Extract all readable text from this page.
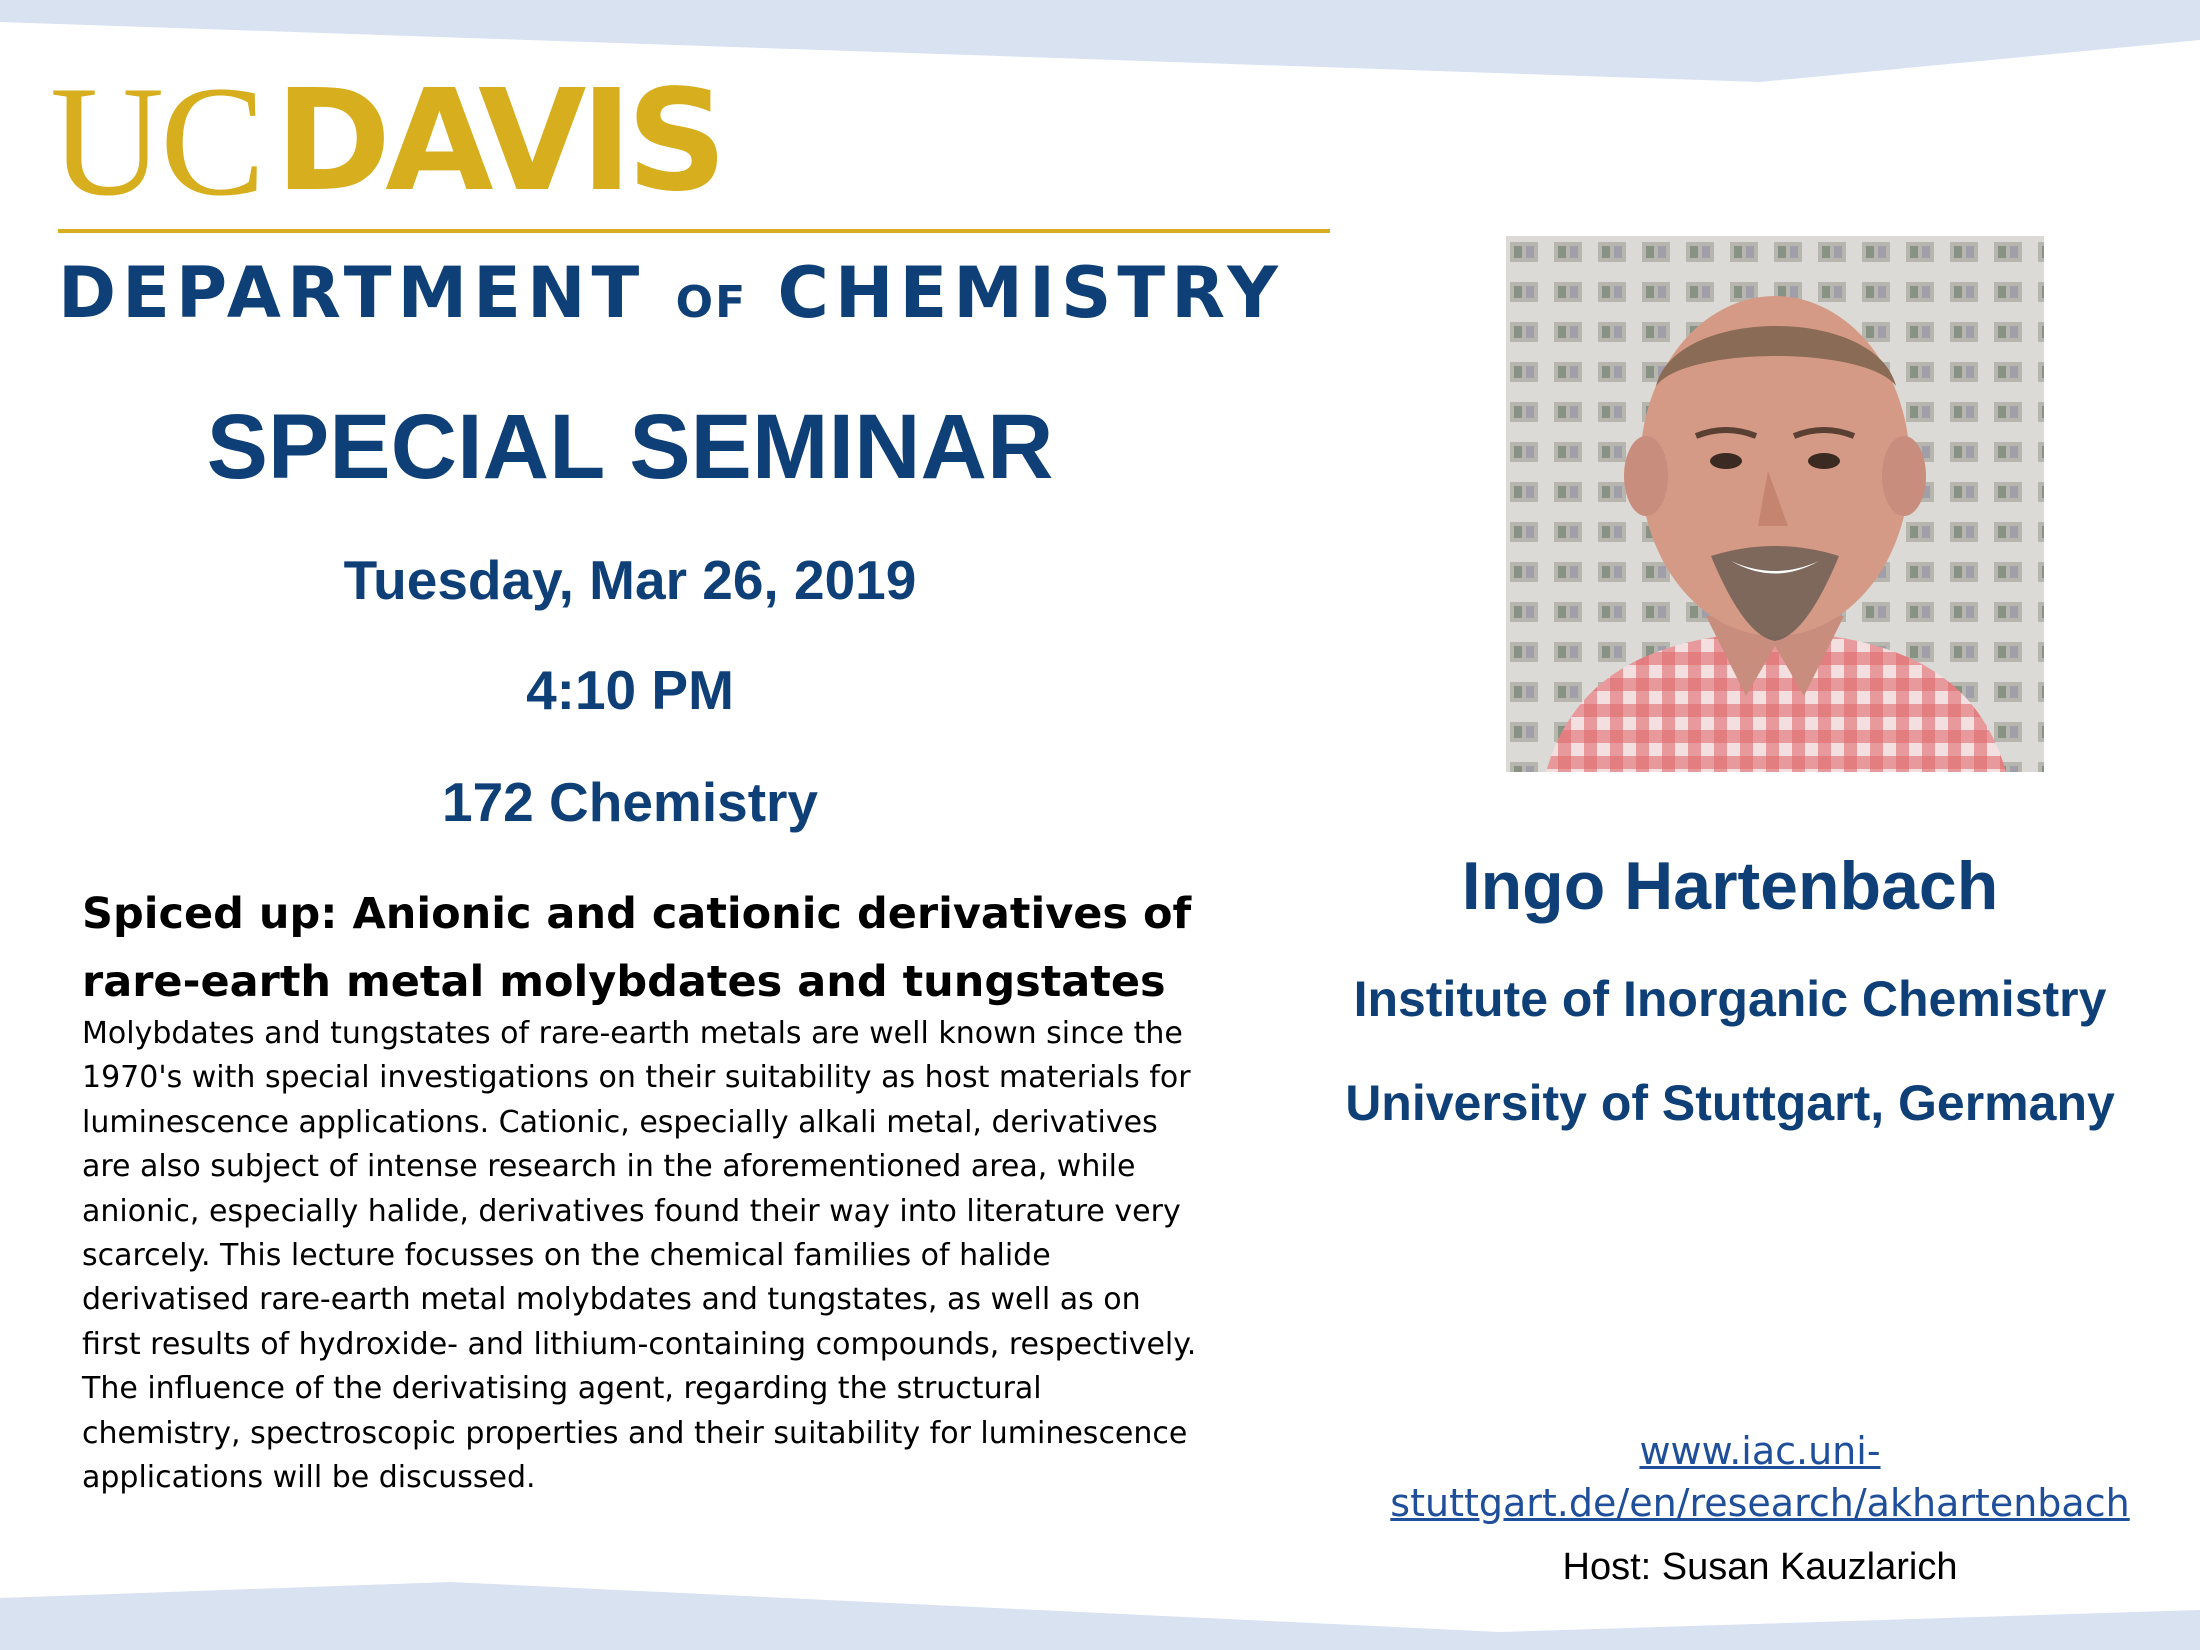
UC DAVIS
DEPARTMENT OF CHEMISTRY
SPECIAL SEMINAR
Tuesday, Mar 26, 2019
4:10 PM
172 Chemistry
Spiced up: Anionic and cationic derivatives of rare-earth metal molybdates and tungstates
Molybdates and tungstates of rare-earth metals are well known since the 1970's with special investigations on their suitability as host materials for luminescence applications. Cationic, especially alkali metal, derivatives are also subject of intense research in the aforementioned area, while anionic, especially halide, derivatives found their way into literature very scarcely. This lecture focusses on the chemical families of halide derivatised rare-earth metal molybdates and tungstates, as well as on first results of hydroxide- and lithium-containing compounds, respectively. The influence of the derivatising agent, regarding the structural chemistry, spectroscopic properties and their suitability for luminescence applications will be discussed.
Ingo Hartenbach
Institute of Inorganic Chemistry
University of Stuttgart, Germany
www.iac.uni-
stuttgart.de/en/research/akhartenbach
Host: Susan Kauzlarich
